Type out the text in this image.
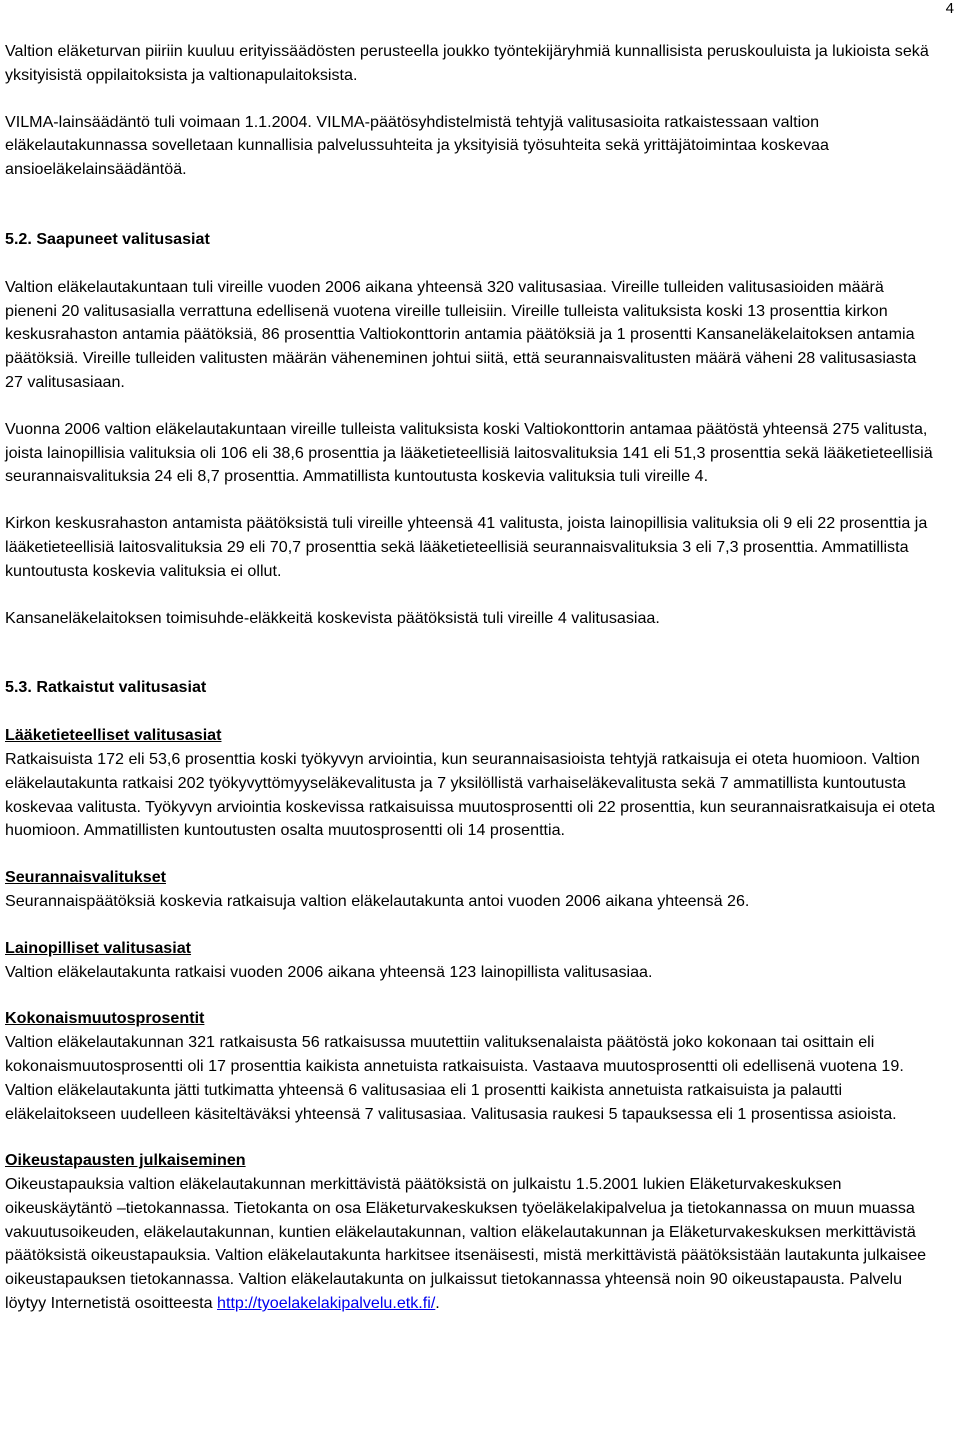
4

Valtion eläketurvan piiriin kuuluu erityissäädösten perusteella joukko työntekijäryhmiä kunnallisista peruskouluista ja lukioista sekä yksityisistä oppilaitoksista ja valtionapulaitoksista.

VILMA-lainsäädäntö tuli voimaan 1.1.2004. VILMA-päätösyhdistelmistä tehtyjä valitusasioita ratkaistessaan valtion eläkelautakunnassa sovelletaan kunnallisia palvelussuhteita ja yksityisiä työsuhteita sekä yrittäjätoimintaa koskevaa ansioeläkelainsäädäntöä.

5.2. Saapuneet valitusasiat

Valtion eläkelautakuntaan tuli vireille vuoden 2006 aikana yhteensä 320 valitusasiaa. Vireille tulleiden valitusasioiden määrä pieneni 20 valitusasialla verrattuna edellisenä vuotena vireille tulleisiin. Vireille tulleista valituksista koski 13 prosenttia kirkon keskusrahaston antamia päätöksiä, 86 prosenttia Valtiokonttorin antamia päätöksiä ja 1 prosentti Kansaneläkelaitoksen antamia päätöksiä. Vireille tulleiden valitusten määrän väheneminen johtui siitä, että seurannaisvalitusten määrä väheni 28 valitusasiasta 27 valitusasiaan.

Vuonna 2006 valtion eläkelautakuntaan vireille tulleista valituksista koski Valtiokonttorin antamaa päätöstä yhteensä 275 valitusta, joista lainopillisia valituksia oli 106 eli 38,6 prosenttia ja lääketieteellisiä laitosvalituksia 141 eli 51,3 prosenttia sekä lääketieteellisiä seurannaisvalituksia 24 eli 8,7 prosenttia. Ammatillista kuntoutusta koskevia valituksia tuli vireille 4.

Kirkon keskusrahaston antamista päätöksistä tuli vireille yhteensä 41 valitusta, joista lainopillisia valituksia oli 9 eli 22 prosenttia ja lääketieteellisiä laitosvalituksia 29 eli 70,7 prosenttia sekä lääketieteellisiä seurannaisvalituksia 3 eli 7,3 prosenttia. Ammatillista kuntoutusta koskevia valituksia ei ollut.

Kansaneläkelaitoksen toimisuhde-eläkkeitä koskevista päätöksistä tuli vireille 4 valitusasiaa.

5.3. Ratkaistut valitusasiat

Lääketieteelliset valitusasiat

Ratkaisuista 172 eli 53,6 prosenttia koski työkyvyn arviointia, kun seurannaisasioista tehtyjä ratkaisuja ei oteta huomioon. Valtion eläkelautakunta ratkaisi 202 työkyvyttömyyseläkevalitusta ja 7 yksilöllistä varhaiseläkevalitusta sekä 7 ammatillista kuntoutusta koskevaa valitusta. Työkyvyn arviointia koskevissa ratkaisuissa muutosprosentti oli 22 prosenttia, kun seurannaisratkaisuja ei oteta huomioon. Ammatillisten kuntoutusten osalta muutosprosentti oli 14 prosenttia.

Seurannaisvalitukset

Seurannaispäätöksiä koskevia ratkaisuja valtion eläkelautakunta antoi vuoden 2006 aikana yhteensä 26.

Lainopilliset valitusasiat

Valtion eläkelautakunta ratkaisi vuoden 2006 aikana yhteensä 123 lainopillista valitusasiaa.

Kokonaismuutosprosentit

Valtion eläkelautakunnan 321 ratkaisusta 56 ratkaisussa muutettiin valituksenalaista päätöstä joko kokonaan tai osittain eli kokonaismuutosprosentti oli 17 prosenttia kaikista annetuista ratkaisuista. Vastaava muutosprosentti oli edellisenä vuotena 19. Valtion eläkelautakunta jätti tutkimatta yhteensä 6 valitusasiaa eli 1 prosentti kaikista annetuista ratkaisuista ja palautti eläkelaitokseen uudelleen käsiteltäväksi yhteensä 7 valitusasiaa. Valitusasia raukesi 5 tapauksessa eli 1 prosentissa asioista.

Oikeustapausten julkaiseminen

Oikeustapauksia valtion eläkelautakunnan merkittävistä päätöksistä on julkaistu 1.5.2001 lukien Eläketurvakeskuksen oikeuskäytäntö –tietokannassa. Tietokanta on osa Eläketurvakeskuksen työeläkelakipalvelua ja tietokannassa on muun muassa vakuutusoikeuden, eläkelautakunnan, kuntien eläkelautakunnan, valtion eläkelautakunnan ja Eläketurvakeskuksen merkittävistä päätöksistä oikeustapauksia. Valtion eläkelautakunta harkitsee itsenäisesti, mistä merkittävistä päätöksistään lautakunta julkaisee oikeustapauksen tietokannassa. Valtion eläkelautakunta on julkaissut tietokannassa yhteensä noin 90 oikeustapausta. Palvelu löytyy Internetistä osoitteesta http://tyoelakelakipalvelu.etk.fi/.
